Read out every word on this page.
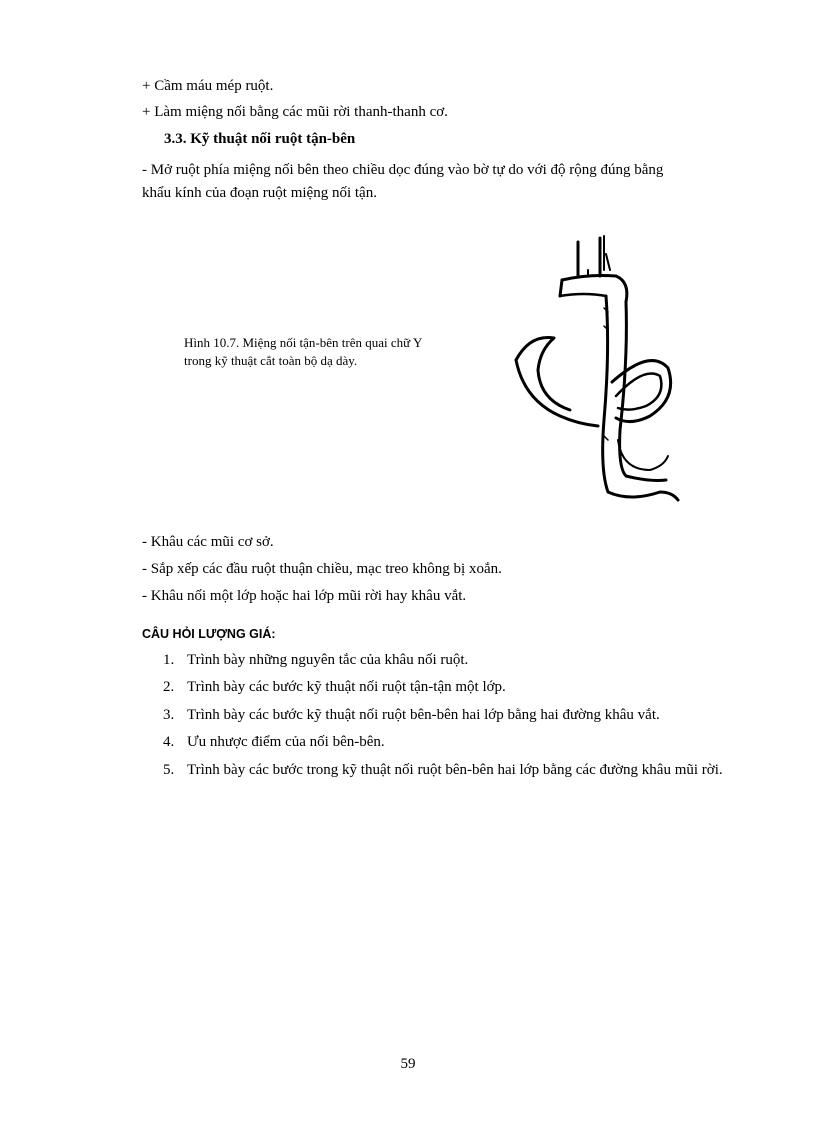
+ Cầm máu mép ruột.
+ Làm miệng nối bằng các mũi rời thanh-thanh cơ.
3.3. Kỹ thuật nối ruột tận-bên
- Mở ruột phía miệng nối bên theo chiều dọc đúng vào bờ tự do với độ rộng đúng bằng
khẩu kính của đoạn ruột miệng nối tận.
Hình 10.7. Miệng nối tận-bên trên quai chữ Y
trong kỹ thuật cắt toàn bộ dạ dày.
- Khâu các mũi cơ sở.
- Sắp xếp các đầu ruột thuận chiều, mạc treo không bị xoắn.
- Khâu nối một lớp hoặc hai lớp mũi rời hay khâu vắt.
CÂU HỎI LƯỢNG GIÁ:
1. Trình bày những nguyên tắc của khâu nối ruột.
2. Trình bày các bước kỹ thuật nối ruột tận-tận một lớp.
3. Trình bày các bước kỹ thuật nối ruột bên-bên hai lớp bằng hai đường khâu vắt.
4. Ưu nhược điểm của nối bên-bên.
5. Trình bày các bước trong kỹ thuật nối ruột bên-bên hai lớp bằng các đường khâu mũi rời.
59
